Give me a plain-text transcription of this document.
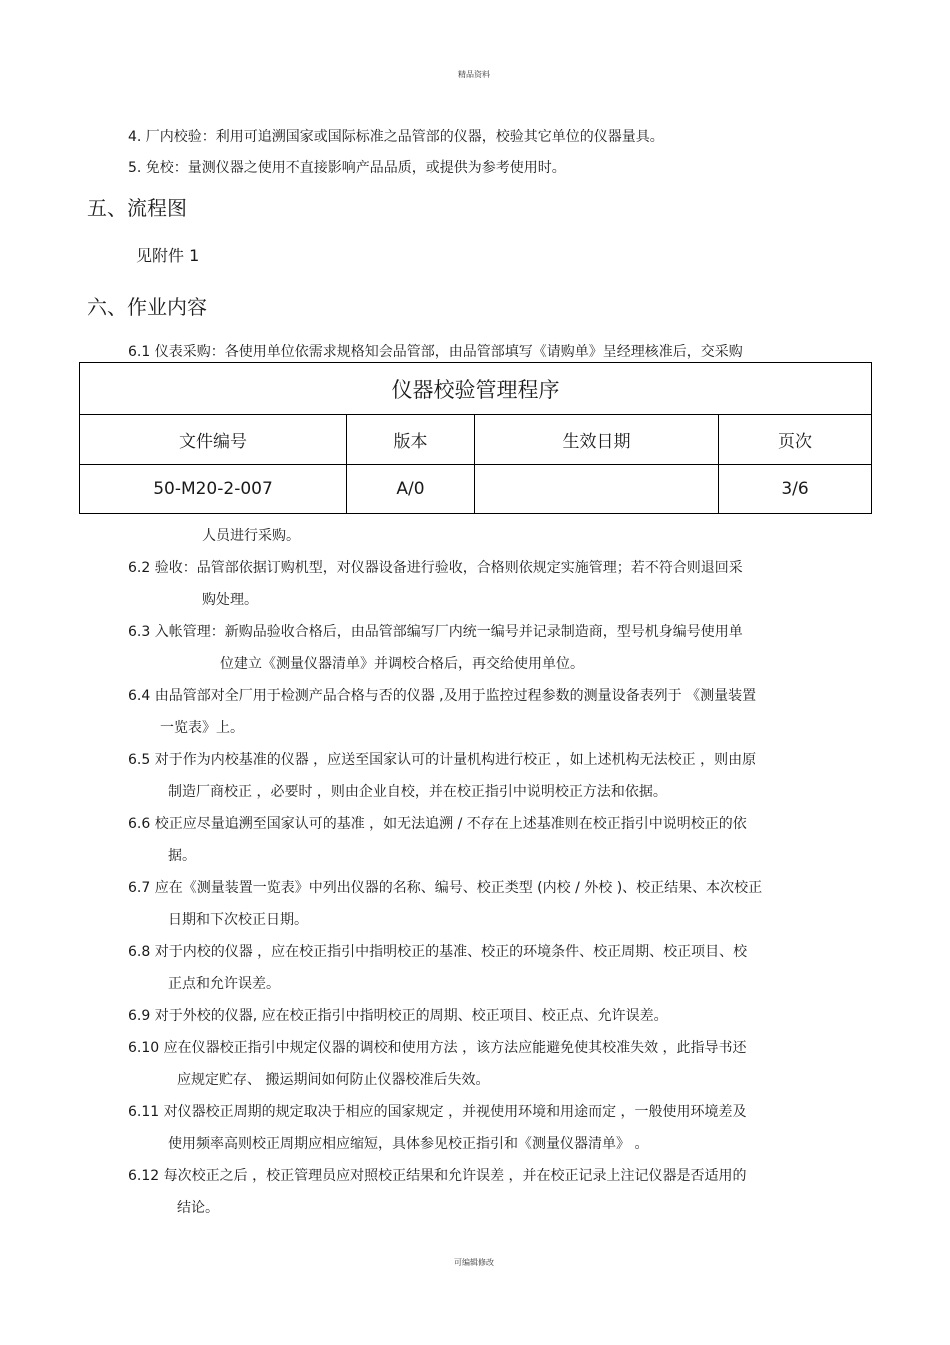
精品资料
4. 厂内校验：利用可追溯国家或国际标准之品管部的仪器，校验其它单位的仪器量具。
5. 免校：量测仪器之使用不直接影响产品品质，或提供为参考使用时。
五、流程图
见附件 1
六、作业内容
6.1 仪表采购：各使用单位依需求规格知会品管部，由品管部填写《请购单》呈经理核准后，交采购
仪器校验管理程序			
文件编号	版本	生效日期	页次
50-M20-2-007	A/0		3/6
人员进行采购。
6.2 验收：品管部依据订购机型，对仪器设备进行验收，合格则依规定实施管理；若不符合则退回采
购处理。
6.3 入帐管理：新购品验收合格后，由品管部编写厂内统一编号并记录制造商，型号机身编号使用单
位建立《测量仪器清单》并调校合格后，再交给使用单位。
6.4 由品管部对全厂用于检测产品合格与否的仪器 ,及用于监控过程参数的测量设备表列于 《测量装置
一览表》上。
6.5 对于作为内校基准的仪器 ，应送至国家认可的计量机构进行校正 ，如上述机构无法校正 ，则由原
制造厂商校正 ，必要时 ，则由企业自校，并在校正指引中说明校正方法和依据。
6.6 校正应尽量追溯至国家认可的基准 ，如无法追溯 / 不存在上述基准则在校正指引中说明校正的依
据。
6.7 应在《测量装置一览表》中列出仪器的名称、编号、校正类型 (内校 / 外校 )、校正结果、本次校正
日期和下次校正日期。
6.8 对于内校的仪器 ，应在校正指引中指明校正的基准、校正的环境条件、校正周期、校正项目、校
正点和允许误差。
6.9 对于外校的仪器, 应在校正指引中指明校正的周期、校正项目、校正点、允许误差。
6.10 应在仪器校正指引中规定仪器的调校和使用方法 ，该方法应能避免使其校准失效 ，此指导书还
应规定贮存、 搬运期间如何防止仪器校准后失效。
6.11 对仪器校正周期的规定取决于相应的国家规定 ，并视使用环境和用途而定 ，一般使用环境差及
使用频率高则校正周期应相应缩短，具体参见校正指引和《测量仪器清单》 。
6.12 每次校正之后 ，校正管理员应对照校正结果和允许误差 ，并在校正记录上注记仪器是否适用的
结论。
可编辑修改
